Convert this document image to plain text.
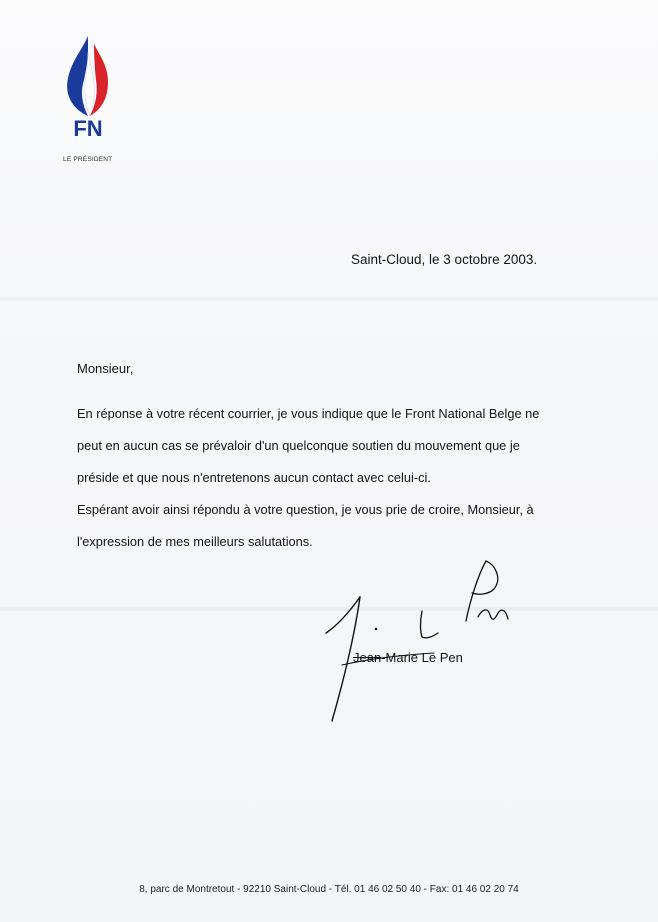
FN
LE PRÉSIDENT
Saint-Cloud, le 3 octobre 2003.
Monsieur,

En réponse à votre récent courrier, je vous indique que le Front National Belge ne

peut en aucun cas se prévaloir d'un quelconque soutien du mouvement que je

préside et que nous n'entretenons aucun contact avec celui-ci.

Espérant avoir ainsi répondu à votre question, je vous prie de croire, Monsieur, à

l'expression de mes meilleurs salutations.

Jean-Marie Le Pen
8, parc de Montretout - 92210 Saint-Cloud - Tél. 01 46 02 50 40 - Fax: 01 46 02 20 74
